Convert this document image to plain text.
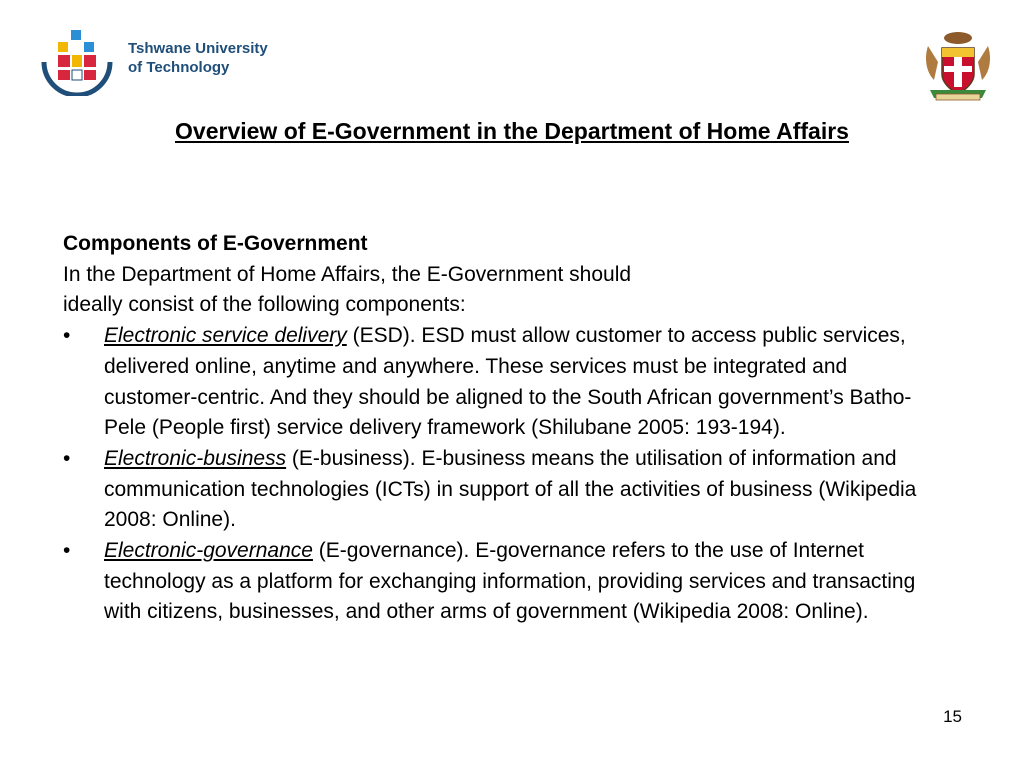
Tshwane University
of Technology
Overview of E-Government in the Department of Home Affairs
Components of E-Government
In the Department of Home Affairs, the E-Government should
ideally consist of the following components:
• Electronic service delivery (ESD). ESD must allow customer to access public services, delivered online, anytime and anywhere. These services must be integrated and customer-centric. And they should be aligned to the South African government’s Batho-Pele (People first) service delivery framework (Shilubane 2005: 193-194).
• Electronic-business (E-business). E-business means the utilisation of information and communication technologies (ICTs) in support of all the activities of business (Wikipedia 2008: Online).
• Electronic-governance (E-governance). E-governance refers to the use of Internet technology as a platform for exchanging information, providing services and transacting with citizens, businesses, and other arms of government (Wikipedia 2008: Online).
15
